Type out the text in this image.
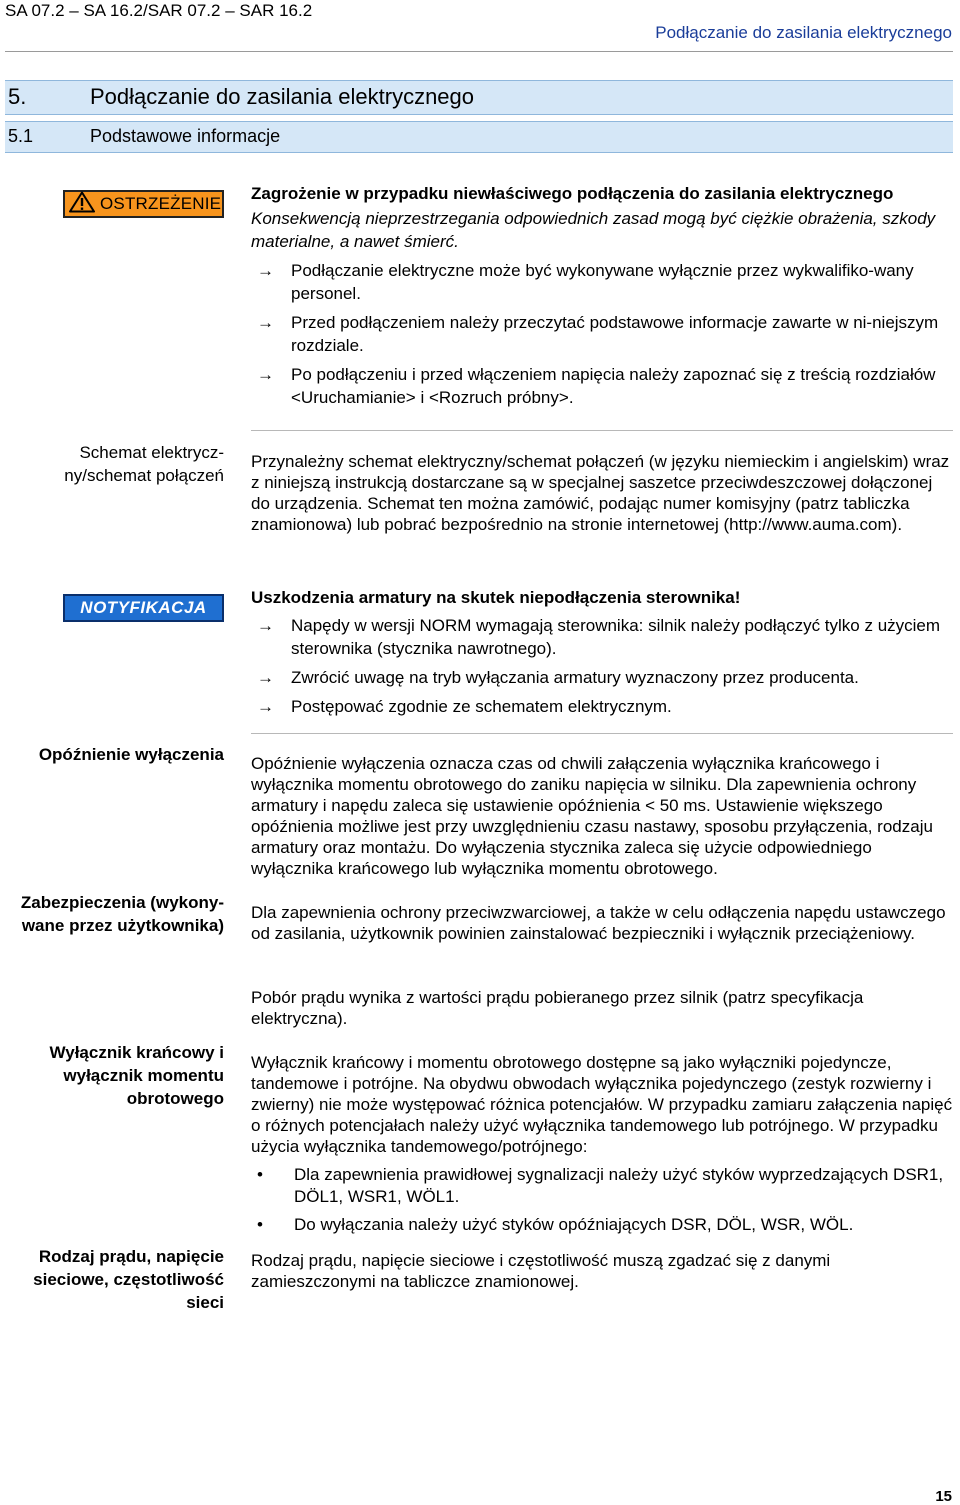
SA 07.2 – SA 16.2/SAR 07.2 – SAR 16.2
Podłączanie do zasilania elektrycznego
5.	Podłączanie do zasilania elektrycznego
5.1	Podstawowe informacje
OSTRZEŻENIE

Zagrożenie w przypadku niewłaściwego podłączenia do zasilania elektrycznego

Konsekwencją nieprzestrzegania odpowiednich zasad mogą być ciężkie obrażenia, szkody materialne, a nawet śmierć.

→ Podłączanie elektryczne może być wykonywane wyłącznie przez wykwalifiko-wany personel.
→ Przed podłączeniem należy przeczytać podstawowe informacje zawarte w ni-niejszym rozdziale.
→ Po podłączeniu i przed włączeniem napięcia należy zapoznać się z treścią rozdziałów <Uruchamianie> i <Rozruch próbny>.
Schemat elektrycz-ny/schemat połączeń
Przynależny schemat elektryczny/schemat połączeń (w języku niemieckim i angielskim) wraz z niniejszą instrukcją dostarczane są w specjalnej saszetce przeciwdeszczowej dołączonej do urządzenia. Schemat ten można zamówić, podając numer komisyjny (patrz tabliczka znamionowa) lub pobrać bezpośrednio na stronie internetowej (http://www.auma.com).
NOTYFIKACJA

Uszkodzenia armatury na skutek niepodłączenia sterownika!

→ Napędy w wersji NORM wymagają sterownika: silnik należy podłączyć tylko z użyciem sterownika (stycznika nawrotnego).
→ Zwrócić uwagę na tryb wyłączania armatury wyznaczony przez producenta.
→ Postępować zgodnie ze schematem elektrycznym.
Opóźnienie wyłączenia Opóźnienie wyłączenia oznacza czas od chwili załączenia wyłącznika krańcowego i wyłącznika momentu obrotowego do zaniku napięcia w silniku. Dla zapewnienia ochrony armatury i napędu zaleca się ustawienie opóźnienia < 50 ms. Ustawienie większego opóźnienia możliwe jest przy uwzględnieniu czasu nastawy, sposobu przyłączenia, rodzaju armatury oraz montażu. Do wyłączenia stycznika zaleca się użycie odpowiedniego wyłącznika krańcowego lub wyłącznika momentu obrotowego.
Zabezpieczenia (wykony-wane przez użytkownika)
Dla zapewnienia ochrony przeciwzwarciowej, a także w celu odłączenia napędu ustawczego od zasilania, użytkownik powinien zainstalować bezpieczniki i wyłącznik przeciążeniowy.
Pobór prądu wynika z wartości prądu pobieranego przez silnik (patrz specyfikacja elektryczna).
Wyłącznik krańcowy i wyłącznik momentu obrotowego

Wyłącznik krańcowy i momentu obrotowego dostępne są jako wyłączniki pojedyncze, tandemowe i potrójne. Na obydwu obwodach wyłącznika pojedynczego (zestyk rozwierny i zwierny) nie może występować różnica potencjałów. W przypadku zamiaru załączenia napięć o różnych potencjałach należy użyć wyłącznika tandemowego lub potrójnego. W przypadku użycia wyłącznika tandemowego/potrójnego:

• Dla zapewnienia prawidłowej sygnalizacji należy użyć styków wyprzedzających DSR1, DÖL1, WSR1, WÖL1.
• Do wyłączania należy użyć styków opóźniających DSR, DÖL, WSR, WÖL.
Rodzaj prądu, napięcie sieciowe, częstotliwość sieci
Rodzaj prądu, napięcie sieciowe i częstotliwość muszą zgadzać się z danymi zamieszczonymi na tabliczce znamionowej.
15
